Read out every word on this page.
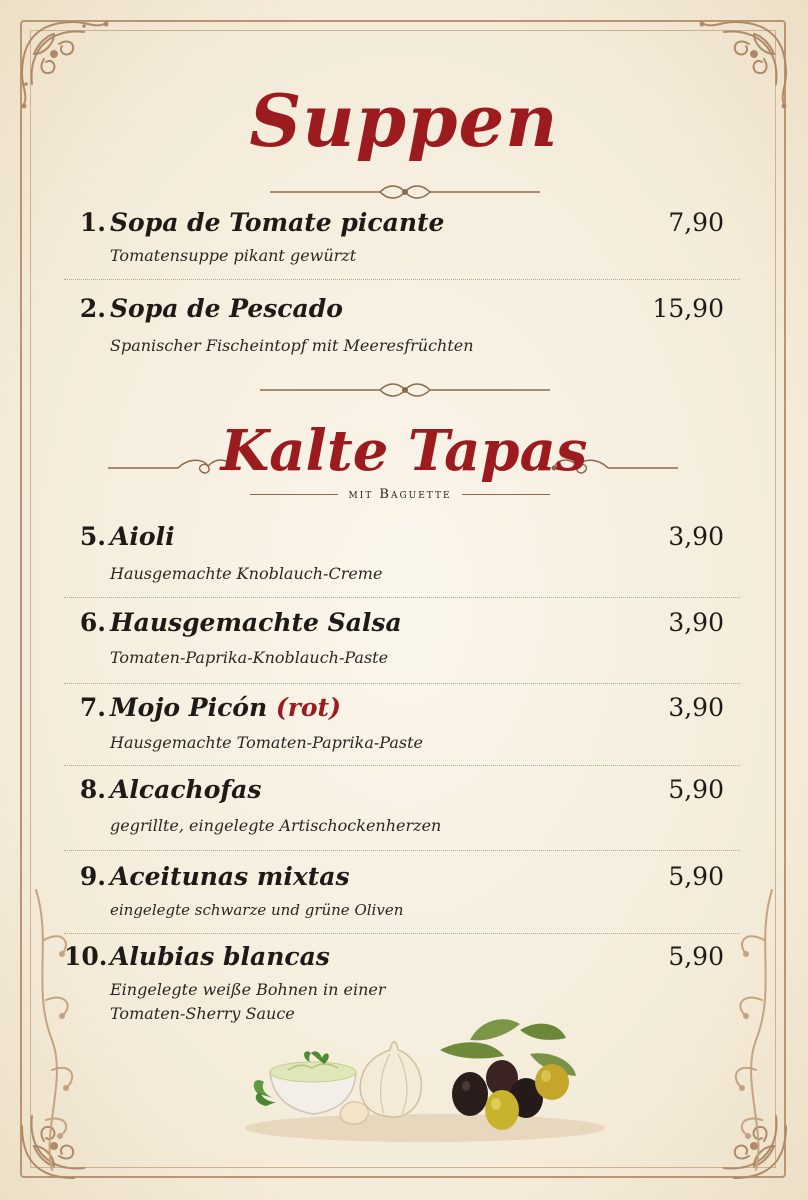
Suppen
1. Sopa de Tomate picante	7,90
Tomatensuppe pikant gewürzt
2. Sopa de Pescado	15,90
Spanischer Fischeintopf mit Meeresfrüchten
Kalte Tapas
mit Baguette
5. Aioli	3,90
Hausgemachte Knoblauch-Creme
6. Hausgemachte Salsa	3,90
Tomaten-Paprika-Knoblauch-Paste
7. Mojo Picón (rot)	3,90
Hausgemachte Tomaten-Paprika-Paste
8. Alcachofas	5,90
gegrillte, eingelegte Artischockenherzen
9. Aceitunas mixtas	5,90
eingelegte schwarze und grüne Oliven
10. Alubias blancas	5,90
Eingelegte weiße Bohnen in einer
Tomaten-Sherry Sauce
